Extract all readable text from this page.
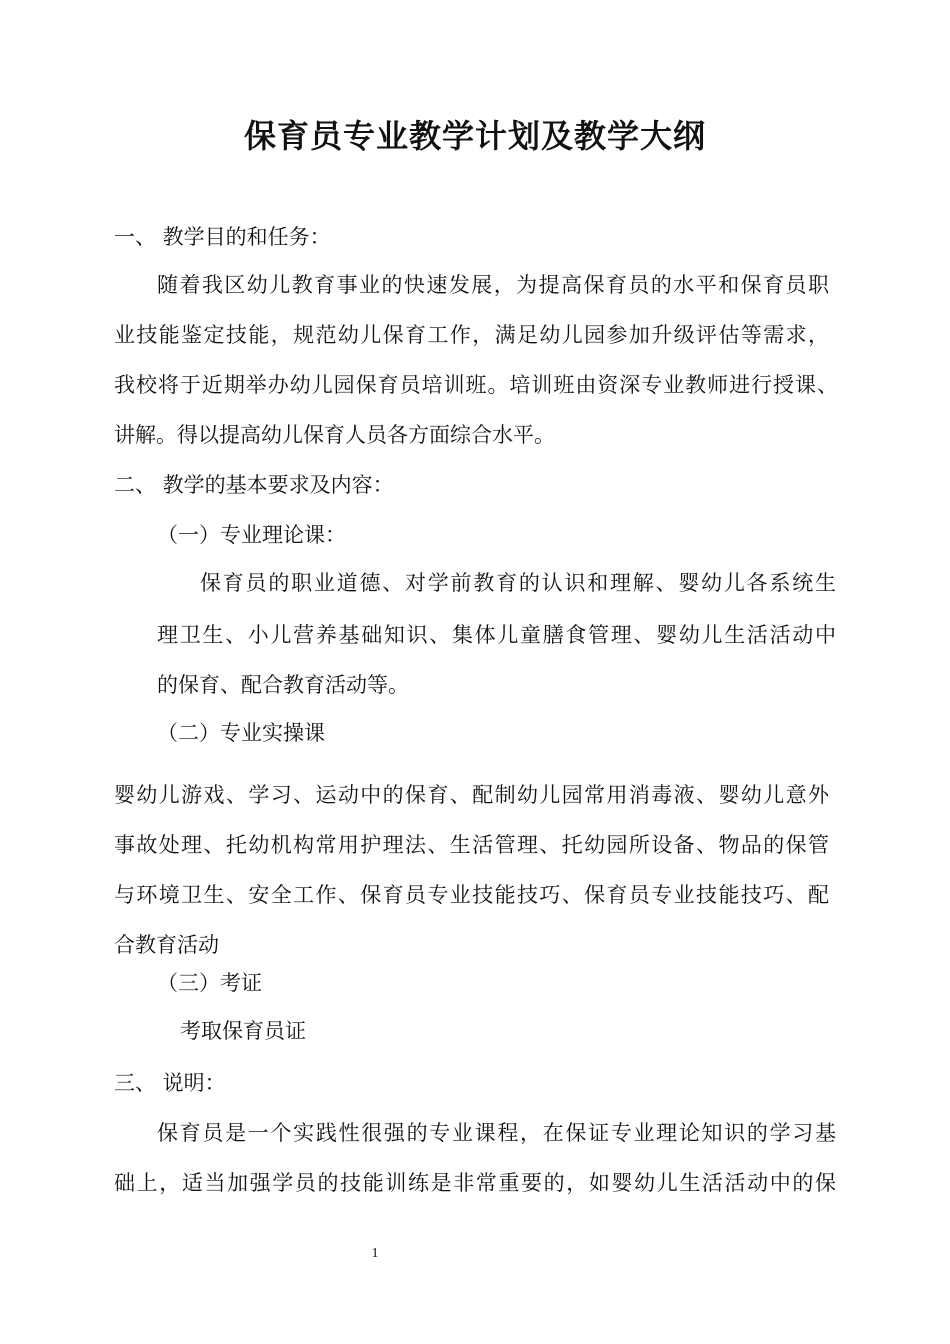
保育员专业教学计划及教学大纲
一、 教学目的和任务：
随着我区幼儿教育事业的快速发展，为提高保育员的水平和保育员职
业技能鉴定技能，规范幼儿保育工作，满足幼儿园参加升级评估等需求，
我校将于近期举办幼儿园保育员培训班。培训班由资深专业教师进行授课、
讲解。得以提高幼儿保育人员各方面综合水平。
二、 教学的基本要求及内容：
（一）专业理论课：
保育员的职业道德、对学前教育的认识和理解、婴幼儿各系统生
理卫生、小儿营养基础知识、集体儿童膳食管理、婴幼儿生活活动中
的保育、配合教育活动等。
（二）专业实操课
婴幼儿游戏、学习、运动中的保育、配制幼儿园常用消毒液、婴幼儿意外
事故处理、托幼机构常用护理法、生活管理、托幼园所设备、物品的保管
与环境卫生、安全工作、保育员专业技能技巧、保育员专业技能技巧、配
合教育活动
（三）考证
考取保育员证
三、 说明：
保育员是一个实践性很强的专业课程，在保证专业理论知识的学习基
础上，适当加强学员的技能训练是非常重要的，如婴幼儿生活活动中的保
1
